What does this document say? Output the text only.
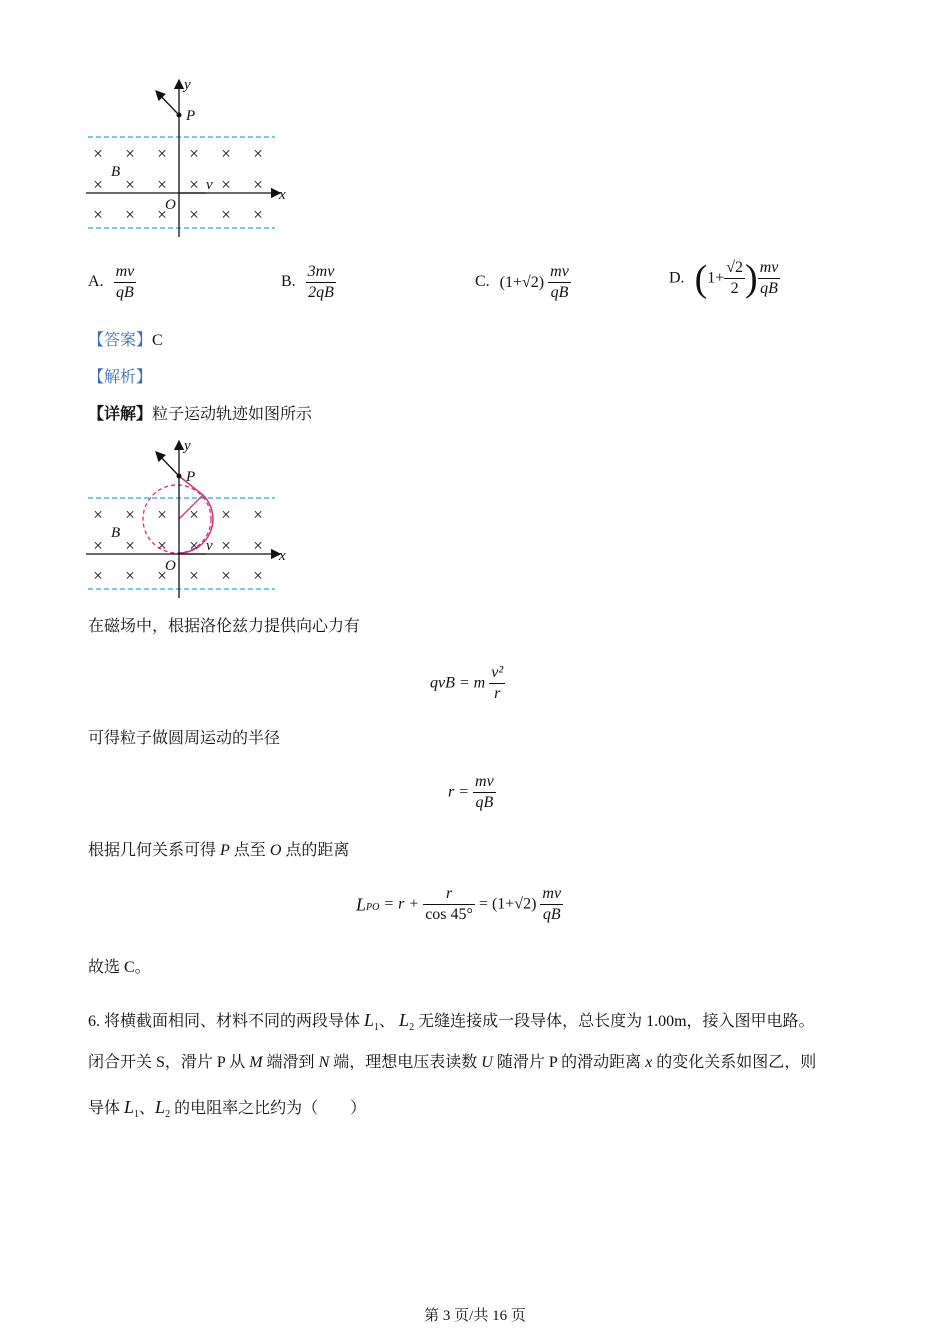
× × × × × ×
× × × × × ×
× × × × × ×
y
P
B
v
x
O
A. $\frac{mv}{qB}$	B. $\frac{3mv}{2qB}$	C. $(1+√2) \frac{mv}{qB}$	D. ($1+ \frac{√2}{2}$ ) $\frac{mv}{qB}$
【答案】C
【解析】
【详解】粒子运动轨迹如图所示
× × × × × ×
× × × × × ×
× × × × × ×
y
P
B
v
x
O
在磁场中，根据洛伦兹力提供向心力有
qvB = m $\frac{\text{v²}}{r}$
可得粒子做圆周运动的半径
$r = \frac{mv}{qB}$
根据几何关系可得 P 点至 O 点的距离
$L_{PO} = r + \frac{r}{\cos 45^\circ} = (1+√2) \frac{mv}{qB}$
故选 C。
6. 将横截面相同、材料不同的两段导体 $L_1$、 $L_2$ 无缝连接成一段导体，总长度为 1.00m，接入图甲电路。
闭合开关 S，滑片 P 从 M 端滑到 N 端，理想电压表读数 U 随滑片 P 的滑动距离 x 的变化关系如图乙，则
导体 $L_1$、$L_2$ 的电阻率之比约为（　　）
第 3 页/共 16 页
